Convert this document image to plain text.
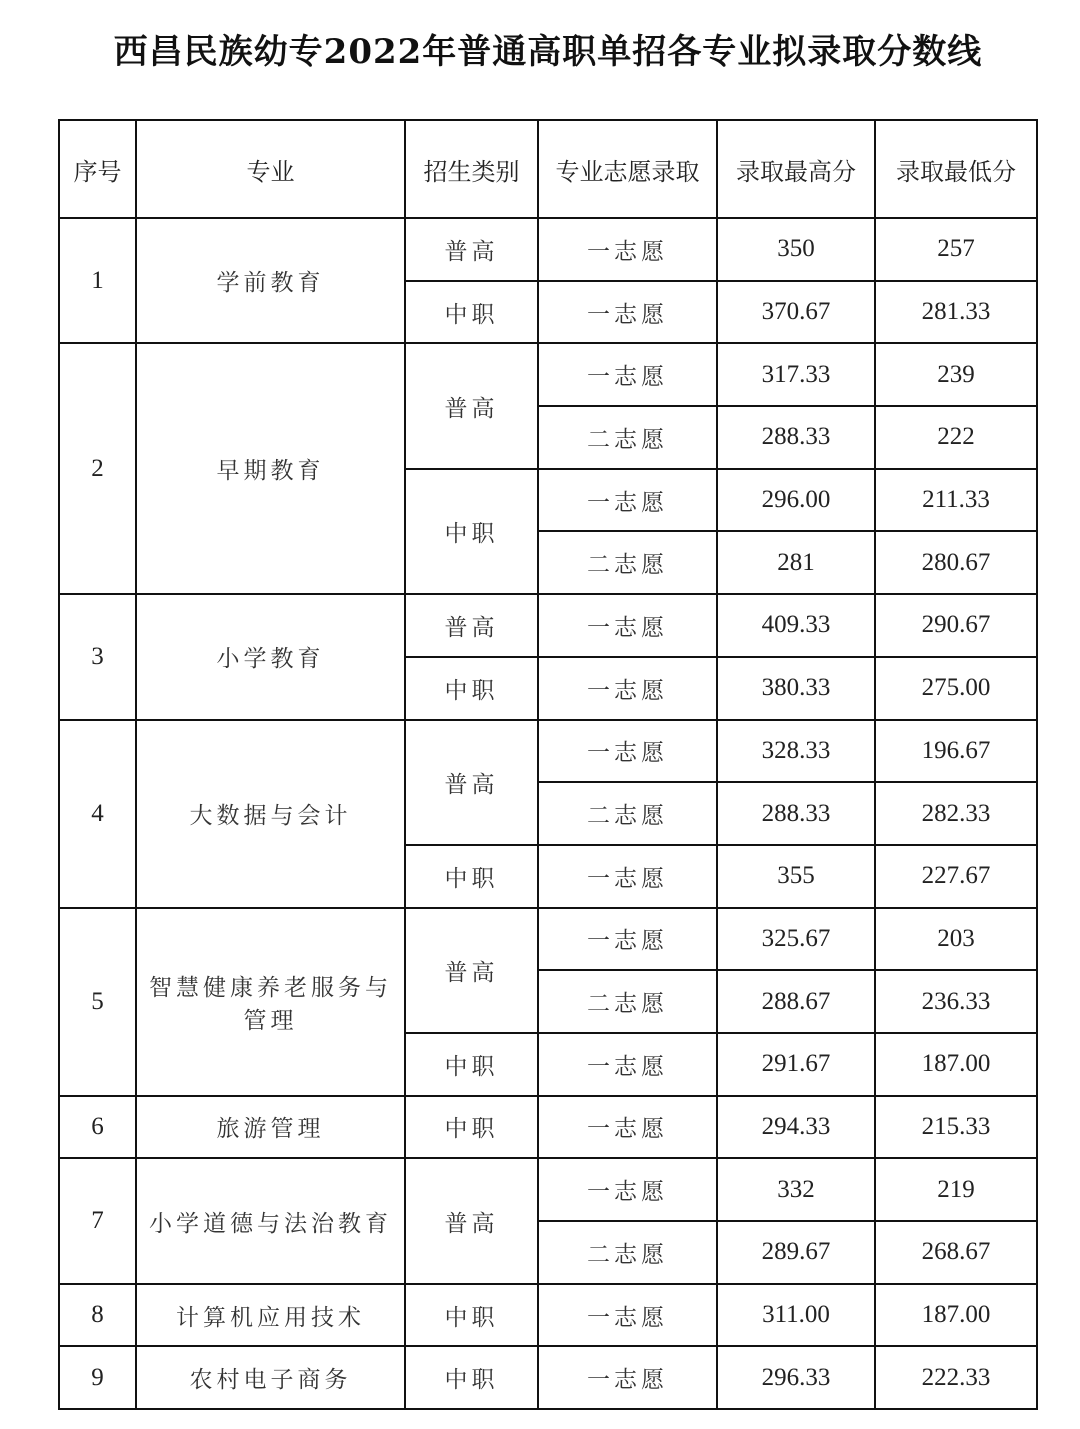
西昌民族幼专2022年普通高职单招各专业拟录取分数线
序号	专业	招生类别	专业志愿录取	录取最高分	录取最低分
1	学前教育	普高	一志愿	350	257
		中职	一志愿	370.67	281.33
2	早期教育	普高	一志愿	317.33	239
			二志愿	288.33	222
		中职	一志愿	296.00	211.33
			二志愿	281	280.67
3	小学教育	普高	一志愿	409.33	290.67
		中职	一志愿	380.33	275.00
4	大数据与会计	普高	一志愿	328.33	196.67
			二志愿	288.33	282.33
		中职	一志愿	355	227.67
5	智慧健康养老服务与管理	普高	一志愿	325.67	203
			二志愿	288.67	236.33
		中职	一志愿	291.67	187.00
6	旅游管理	中职	一志愿	294.33	215.33
7	小学道德与法治教育	普高	一志愿	332	219
			二志愿	289.67	268.67
8	计算机应用技术	中职	一志愿	311.00	187.00
9	农村电子商务	中职	一志愿	296.33	222.33
